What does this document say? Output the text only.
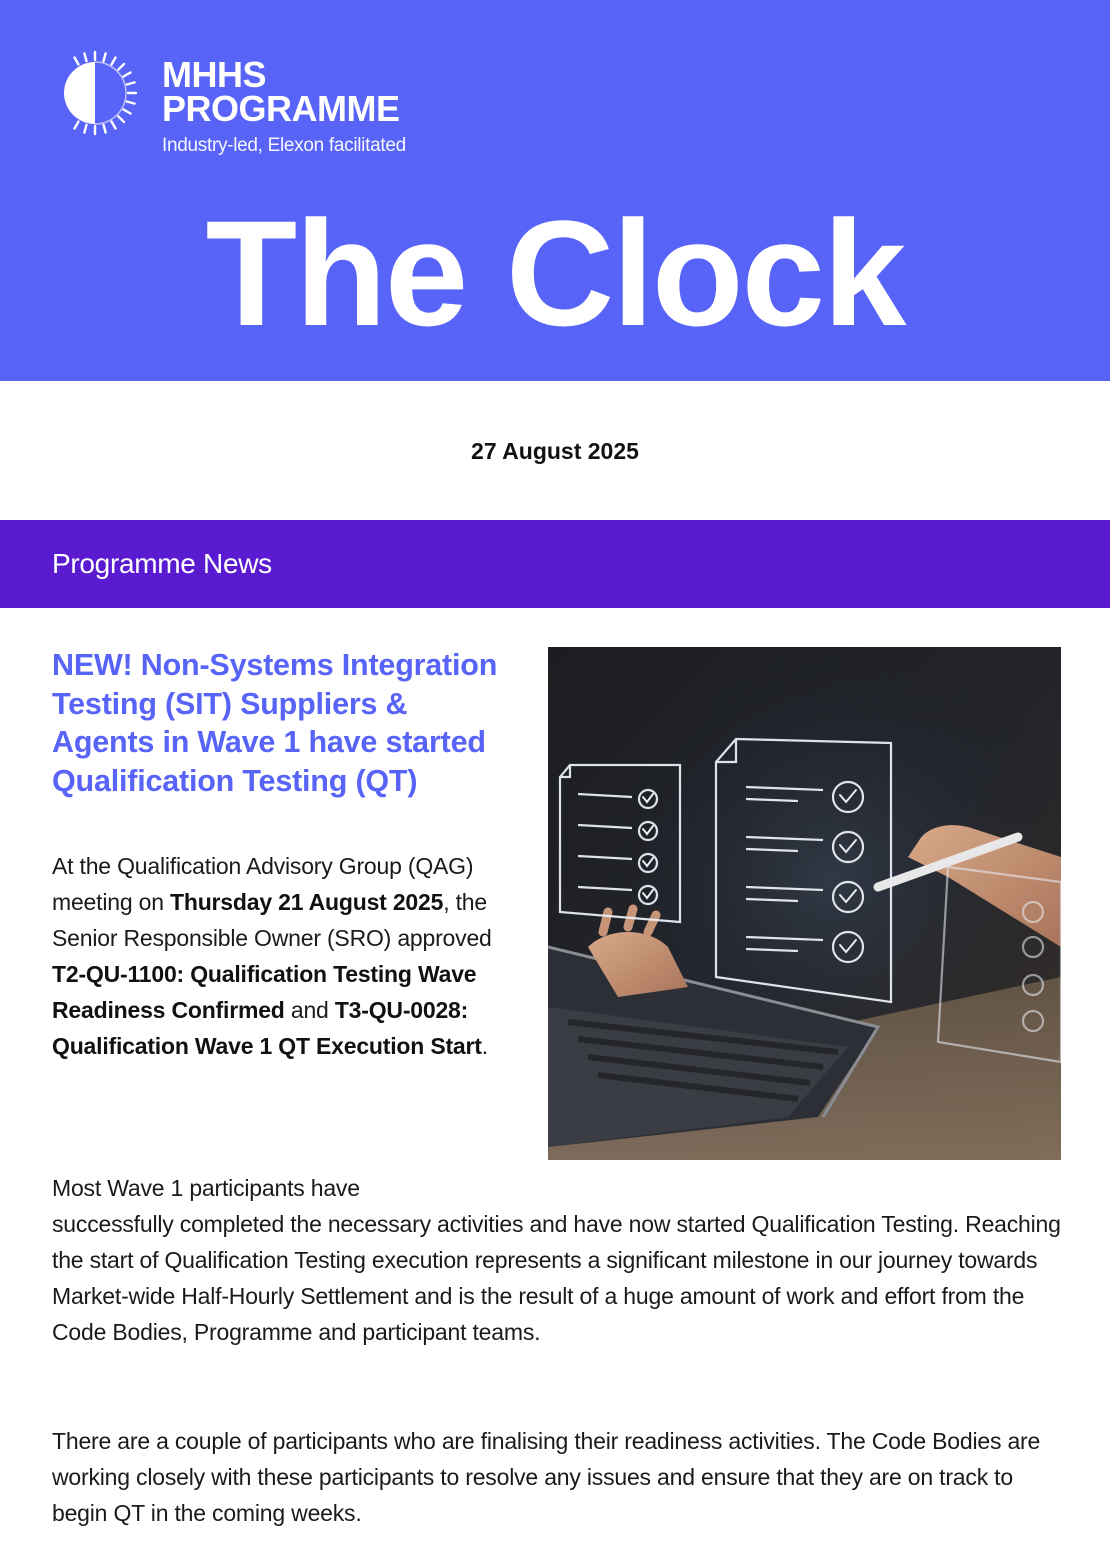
MHHS
PROGRAMME
Industry-led, Elexon facilitated
The Clock
27 August 2025
Programme News
NEW! Non-Systems Integration Testing (SIT) Suppliers & Agents in Wave 1 have started Qualification Testing (QT)

At the Qualification Advisory Group (QAG) meeting on Thursday 21 August 2025, the Senior Responsible Owner (SRO) approved T2-QU-1100: Qualification Testing Wave Readiness Confirmed and T3-QU-0028: Qualification Wave 1 QT Execution Start.

Most Wave 1 participants have
successfully completed the necessary activities and have now started Qualification Testing. Reaching the start of Qualification Testing execution represents a significant milestone in our journey towards Market-wide Half-Hourly Settlement and is the result of a huge amount of work and effort from the Code Bodies, Programme and participant teams.

There are a couple of participants who are finalising their readiness activities. The Code Bodies are working closely with these participants to resolve any issues and ensure that they are on track to begin QT in the coming weeks.
